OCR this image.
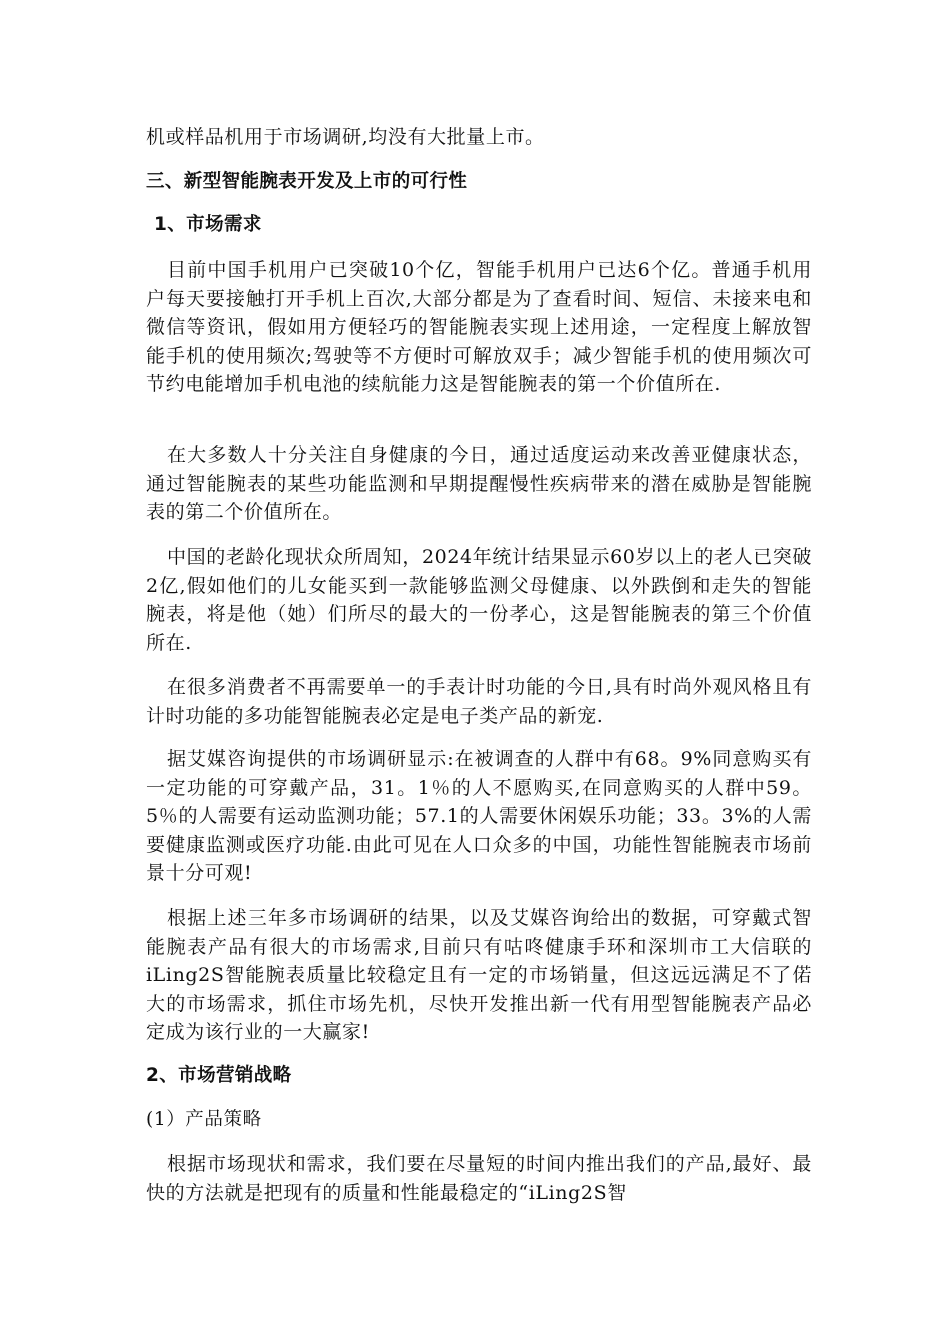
机或样品机用于市场调研,均没有大批量上市。

三、新型智能腕表开发及上市的可行性

1、市场需求

目前中国手机用户已突破10个亿，智能手机用户已达6个亿。普通手机用户每天要接触打开手机上百次,大部分都是为了查看时间、短信、未接来电和微信等资讯，假如用方便轻巧的智能腕表实现上述用途，一定程度上解放智能手机的使用频次;驾驶等不方便时可解放双手；减少智能手机的使用频次可节约电能增加手机电池的续航能力这是智能腕表的第一个价值所在.

在大多数人十分关注自身健康的今日，通过适度运动来改善亚健康状态，通过智能腕表的某些功能监测和早期提醒慢性疾病带来的潜在威胁是智能腕表的第二个价值所在。

中国的老龄化现状众所周知，2024年统计结果显示60岁以上的老人已突破2亿,假如他们的儿女能买到一款能够监测父母健康、以外跌倒和走失的智能腕表，将是他（她）们所尽的最大的一份孝心，这是智能腕表的第三个价值所在.

在很多消费者不再需要单一的手表计时功能的今日,具有时尚外观风格且有计时功能的多功能智能腕表必定是电子类产品的新宠.

据艾媒咨询提供的市场调研显示:在被调查的人群中有68。9%同意购买有一定功能的可穿戴产品，31。1％的人不愿购买,在同意购买的人群中59。5％的人需要有运动监测功能；57.1的人需要休闲娱乐功能；33。3%的人需要健康监测或医疗功能.由此可见在人口众多的中国，功能性智能腕表市场前景十分可观!

根据上述三年多市场调研的结果，以及艾媒咨询给出的数据，可穿戴式智能腕表产品有很大的市场需求,目前只有咕咚健康手环和深圳市工大信联的iLing2S智能腕表质量比较稳定且有一定的市场销量，但这远远满足不了偌大的市场需求，抓住市场先机，尽快开发推出新一代有用型智能腕表产品必定成为该行业的一大赢家!

2、市场营销战略

(1）产品策略

根据市场现状和需求，我们要在尽量短的时间内推出我们的产品,最好、最快的方法就是把现有的质量和性能最稳定的“iLing2S智
